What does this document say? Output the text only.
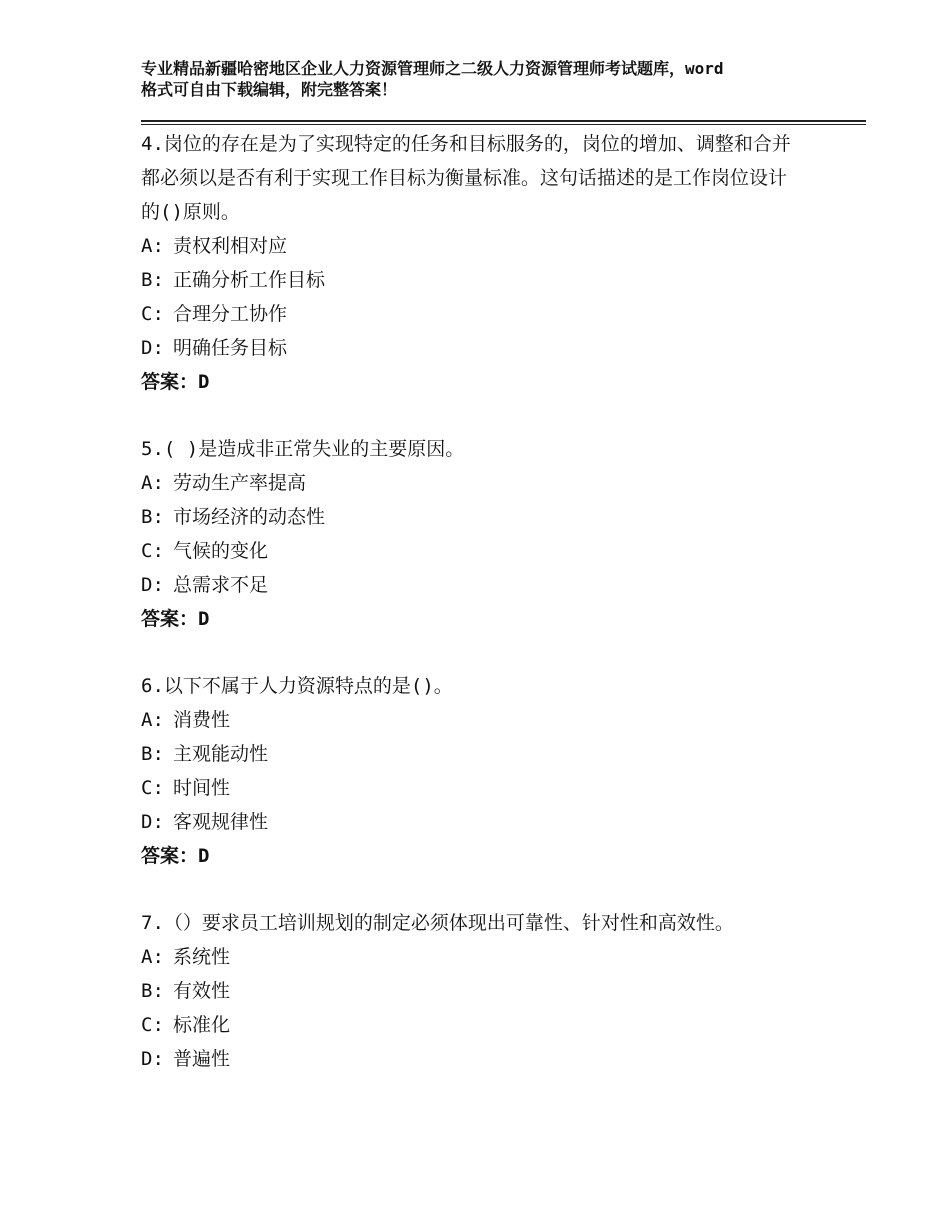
专业精品新疆哈密地区企业人力资源管理师之二级人力资源管理师考试题库，word
格式可自由下载编辑，附完整答案！

4.岗位的存在是为了实现特定的任务和目标服务的，岗位的增加、调整和合并都必须以是否有利于实现工作目标为衡量标准。这句话描述的是工作岗位设计的()原则。

A: 责权利相对应
B: 正确分析工作目标
C: 合理分工协作
D: 明确任务目标
答案：D

5.( )是造成非正常失业的主要原因。

A: 劳动生产率提高
B: 市场经济的动态性
C: 气候的变化
D: 总需求不足
答案：D

6.以下不属于人力资源特点的是()。

A: 消费性
B: 主观能动性
C: 时间性
D: 客观规律性
答案：D

7.（）要求员工培训规划的制定必须体现出可靠性、针对性和高效性。

A: 系统性
B: 有效性
C: 标准化
D: 普遍性
